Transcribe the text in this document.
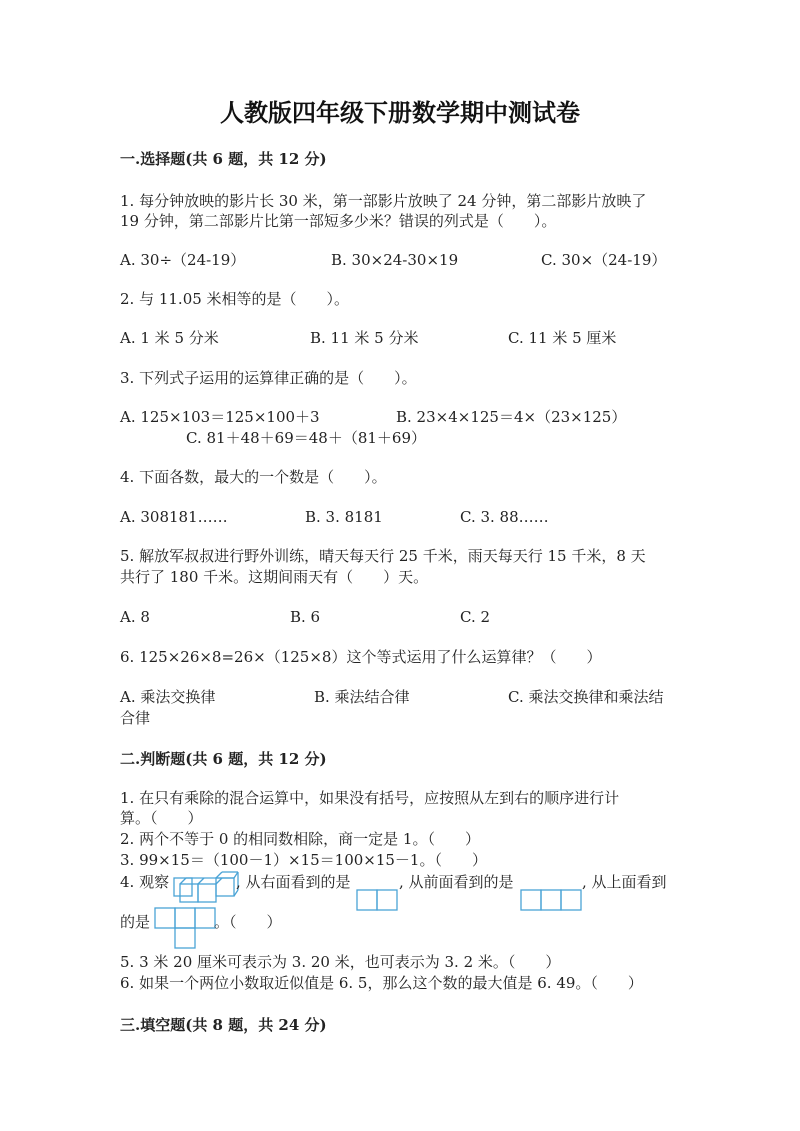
人教版四年级下册数学期中测试卷
一.选择题(共 6 题，共 12 分)
1. 每分钟放映的影片长 30 米，第一部影片放映了 24 分钟，第二部影片放映了
19 分钟，第二部影片比第一部短多少米？错误的列式是（　　）。
A. 30÷（24-19）	B. 30×24-30×19	C. 30×（24-19）
2. 与 11.05 米相等的是（　　）。
A. 1 米 5 分米	B. 11 米 5 分米	C. 11 米 5 厘米
3. 下列式子运用的运算律正确的是（　　）。
A. 125×103＝125×100＋3	B. 23×4×125＝4×（23×125）
C. 81＋48＋69＝48＋（81＋69）
4. 下面各数，最大的一个数是（　　）。
A. 308181……	B. 3. 8181	C. 3. 88……
5. 解放军叔叔进行野外训练，晴天每天行 25 千米，雨天每天行 15 千米，8 天
共行了 180 千米。这期间雨天有（　　）天。
A. 8	B. 6	C. 2
6. 125×26×8=26×（125×8）这个等式运用了什么运算律？（　　）
A. 乘法交换律	B. 乘法结合律	C. 乘法交换律和乘法结
合律
二.判断题(共 6 题，共 12 分)
1. 在只有乘除的混合运算中，如果没有括号，应按照从左到右的顺序进行计
算。（　　）
2. 两个不等于 0 的相同数相除，商一定是 1。（　　）
3. 99×15＝（100－1）×15＝100×15－1。（　　）
4. 观察	, 从右面看到的是	, 从前面看到的是	, 从上面看到
的是	。（　　）
5. 3 米 20 厘米可表示为 3. 20 米，也可表示为 3. 2 米。（　　）
6. 如果一个两位小数取近似值是 6. 5，那么这个数的最大值是 6. 49。（　　）
三.填空题(共 8 题，共 24 分)
